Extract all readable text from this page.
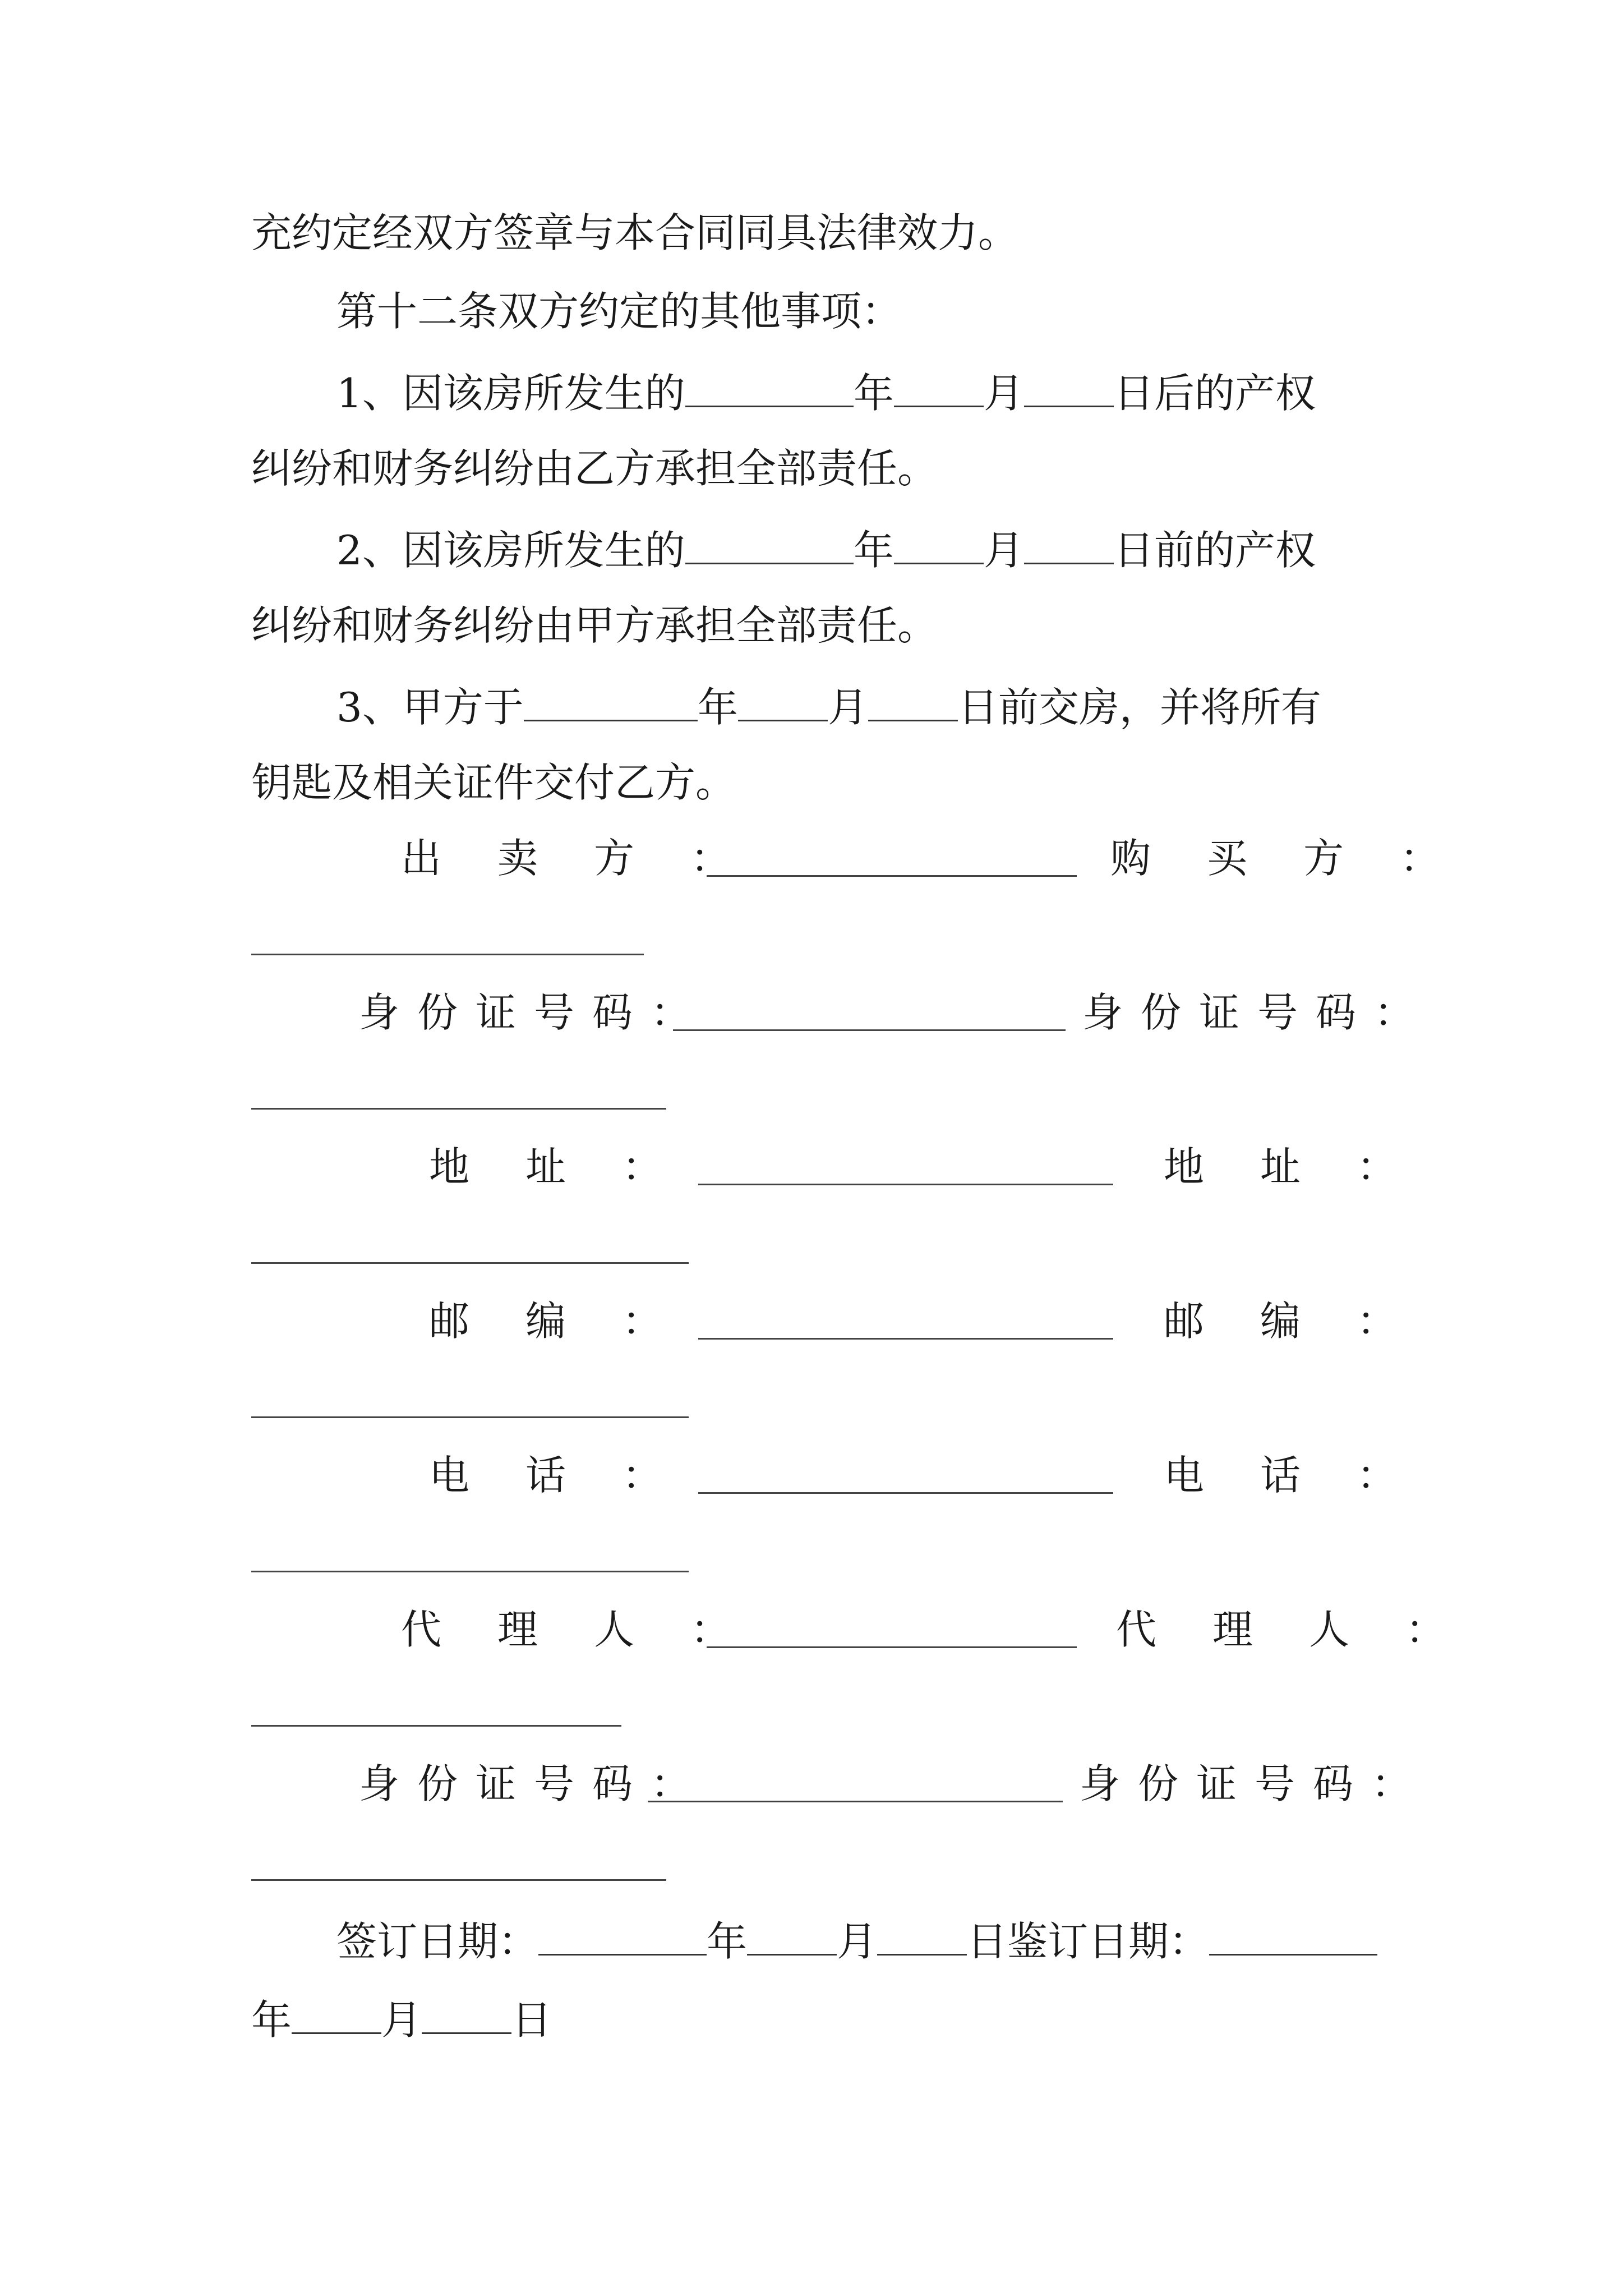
充约定经双方签章与本合同同具法律效力。
第十二条双方约定的其他事项：
1、因该房所发生的	年 月 日后的产权
纠纷和财务纠纷由乙方承担全部责任。
2、因该房所发生的	年 月 日前的产权
纠纷和财务纠纷由甲方承担全部责任。
3、甲方于	年 月 日前交房，并将所有
钥匙及相关证件交付乙方。
出卖方：	购买方：
身份证号码：	身份证号码：
地址：	地址：
邮编：	邮编：
电话：	电话：
代理人：	代理人：
身份证号码：	身份证号码：
签订日期：	年 月 日鉴订日期：
年 月 日
